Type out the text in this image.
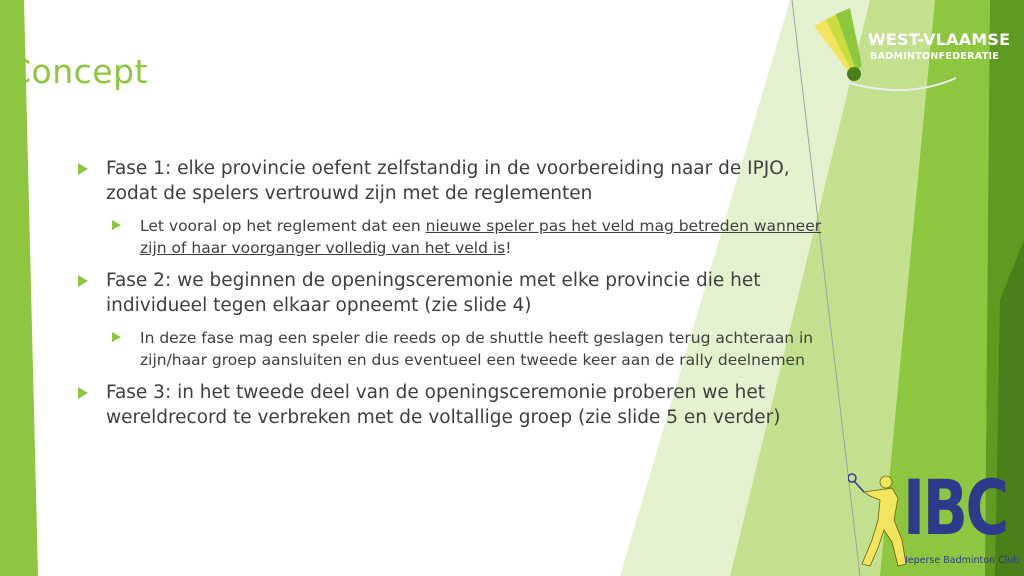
WEST-VLAAMSE
BADMINTONFEDERATIE
Concept
Fase 1: elke provincie oefent zelfstandig in de voorbereiding naar de IPJO, zodat de spelers vertrouwd zijn met de reglementen
Let vooral op het reglement dat een nieuwe speler pas het veld mag betreden wanneer zijn of haar voorganger volledig van het veld is!
Fase 2: we beginnen de openingsceremonie met elke provincie die het individueel tegen elkaar opneemt (zie slide 4)
In deze fase mag een speler die reeds op de shuttle heeft geslagen terug achteraan in zijn/haar groep aansluiten en dus eventueel een tweede keer aan de rally deelnemen
Fase 3: in het tweede deel van de openingsceremonie proberen we het wereldrecord te verbreken met de voltallige groep (zie slide 5 en verder)
IBC
Ieperse Badminton Club
